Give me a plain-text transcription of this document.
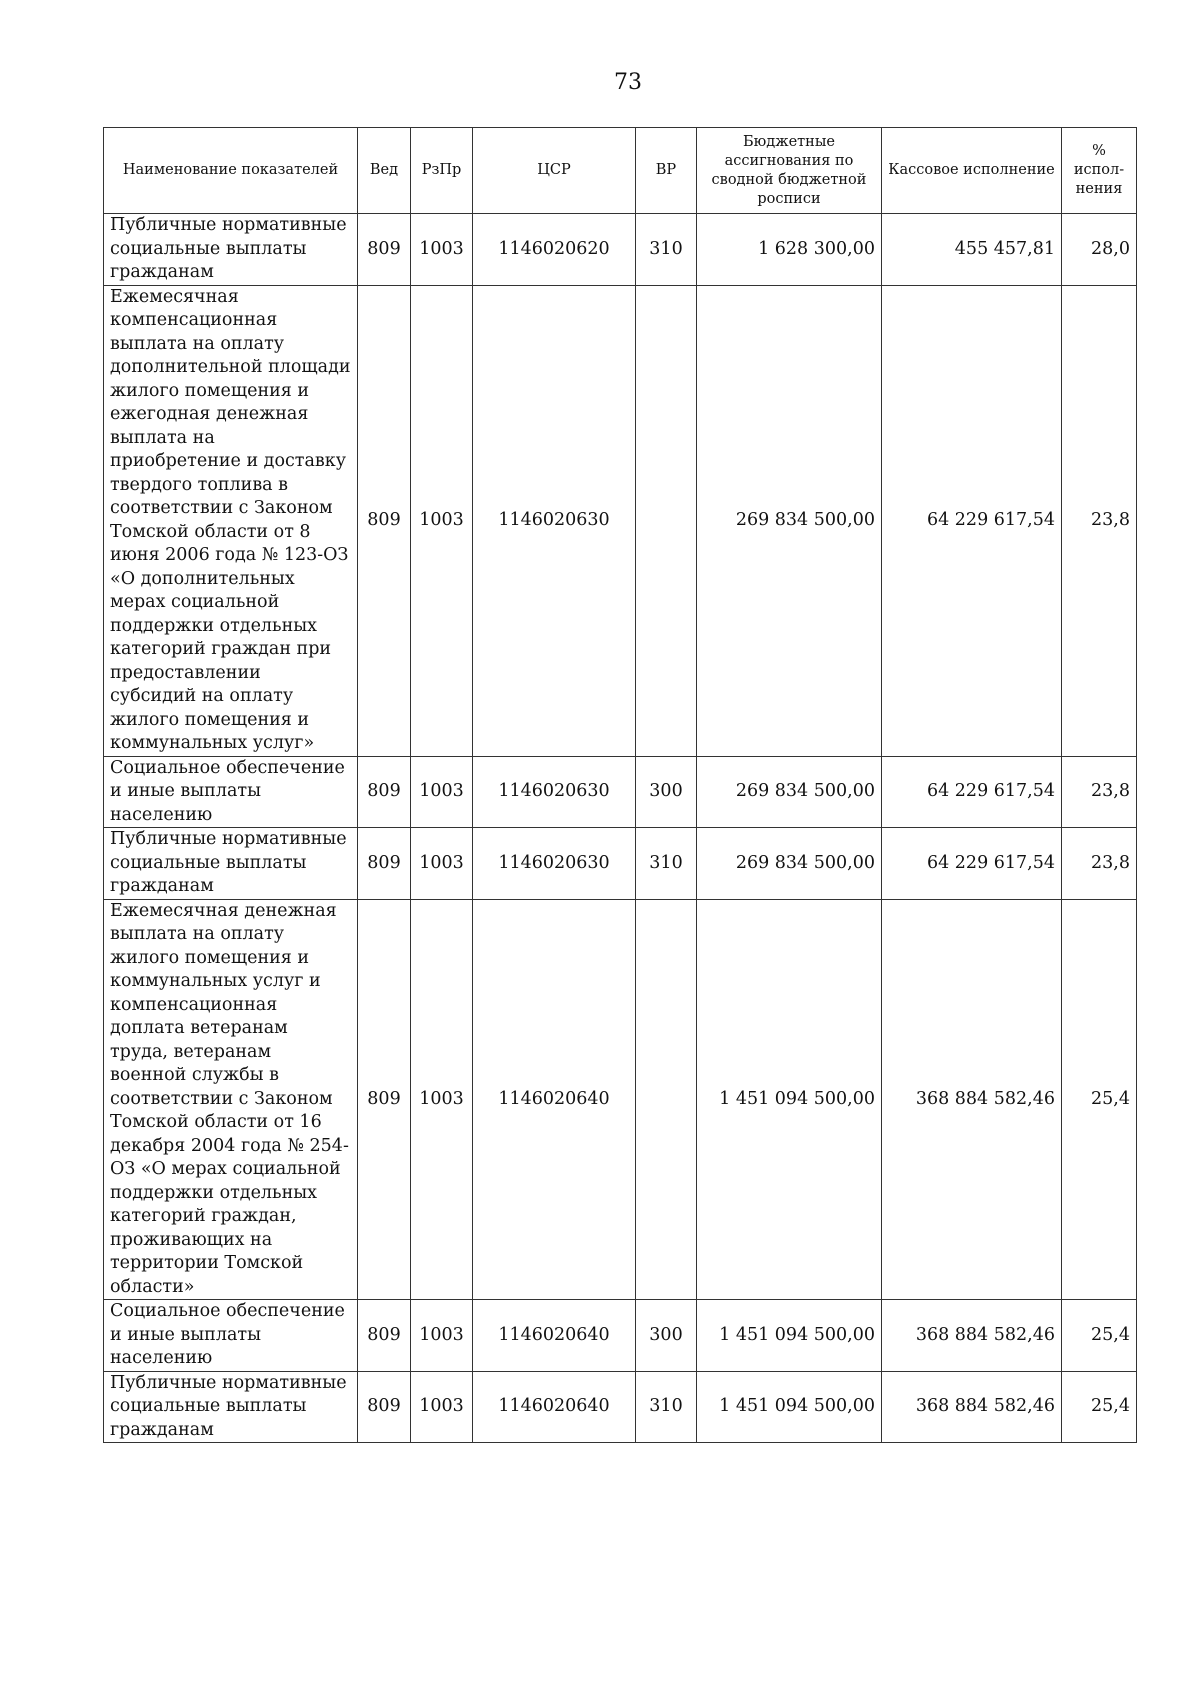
73
Наименование показателей	Вед	РзПр	ЦСР	ВР	Бюджетные ассигнования по сводной бюджетной росписи	Кассовое исполнение	% испол-нения
Публичные нормативные социальные выплаты гражданам	809	1003	1146020620	310	1 628 300,00	455 457,81	28,0
Ежемесячная компенсационная выплата на оплату дополнительной площади жилого помещения и ежегодная денежная выплата на приобретение и доставку твердого топлива в соответствии с Законом Томской области от 8 июня 2006 года № 123-ОЗ «О дополнительных мерах социальной поддержки отдельных категорий граждан при предоставлении субсидий на оплату жилого помещения и коммунальных услуг»	809	1003	1146020630		269 834 500,00	64 229 617,54	23,8
Социальное обеспечение и иные выплаты населению	809	1003	1146020630	300	269 834 500,00	64 229 617,54	23,8
Публичные нормативные социальные выплаты гражданам	809	1003	1146020630	310	269 834 500,00	64 229 617,54	23,8
Ежемесячная денежная выплата на оплату жилого помещения и коммунальных услуг и компенсационная доплата ветеранам труда, ветеранам военной службы в соответствии с Законом Томской области от 16 декабря 2004 года № 254-ОЗ «О мерах социальной поддержки отдельных категорий граждан, проживающих на территории Томской области»	809	1003	1146020640		1 451 094 500,00	368 884 582,46	25,4
Социальное обеспечение и иные выплаты населению	809	1003	1146020640	300	1 451 094 500,00	368 884 582,46	25,4
Публичные нормативные социальные выплаты гражданам	809	1003	1146020640	310	1 451 094 500,00	368 884 582,46	25,4
